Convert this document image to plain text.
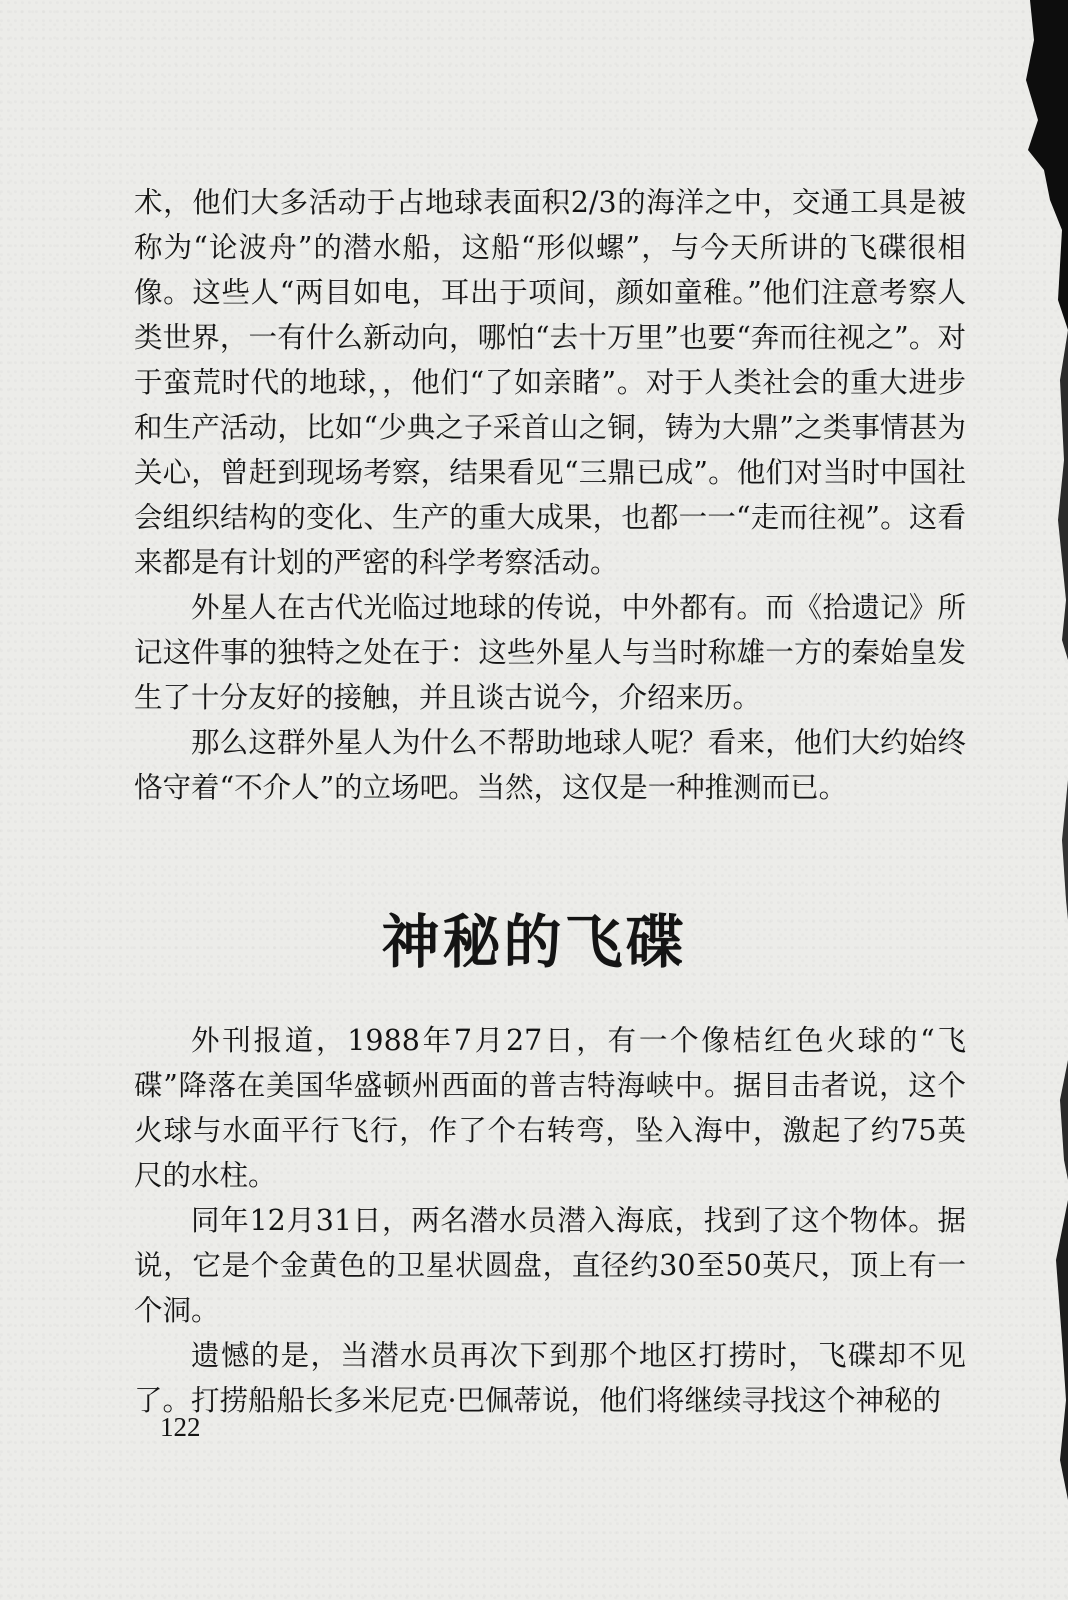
术，他们大多活动于占地球表面积2/3的海洋之中，交通工具是被称为“论波舟”的潜水船，这船“形似螺”，与今天所讲的飞碟很相像。这些人“两目如电，耳出于项间，颜如童稚。”他们注意考察人类世界，一有什么新动向，哪怕“去十万里”也要“奔而往视之”。对于蛮荒时代的地球，，他们“了如亲睹”。对于人类社会的重大进步和生产活动，比如“少典之子采首山之铜，铸为大鼎”之类事情甚为关心，曾赶到现场考察，结果看见“三鼎已成”。他们对当时中国社会组织结构的变化、生产的重大成果，也都一一“走而往视”。这看来都是有计划的严密的科学考察活动。

外星人在古代光临过地球的传说，中外都有。而《拾遗记》所记这件事的独特之处在于：这些外星人与当时称雄一方的秦始皇发生了十分友好的接触，并且谈古说今，介绍来历。

那么这群外星人为什么不帮助地球人呢？看来，他们大约始终恪守着“不介人”的立场吧。当然，这仅是一种推测而已。

神秘的飞碟

外刊报道，1988年7月27日，有一个像桔红色火球的“飞碟”降落在美国华盛顿州西面的普吉特海峡中。据目击者说，这个火球与水面平行飞行，作了个右转弯，坠入海中，激起了约75英尺的水柱。

同年12月31日，两名潜水员潜入海底，找到了这个物体。据说，它是个金黄色的卫星状圆盘，直径约30至50英尺，顶上有一个洞。

遗憾的是，当潜水员再次下到那个地区打捞时，飞碟却不见了。打捞船船长多米尼克·巴佩蒂说，他们将继续寻找这个神秘的

122
